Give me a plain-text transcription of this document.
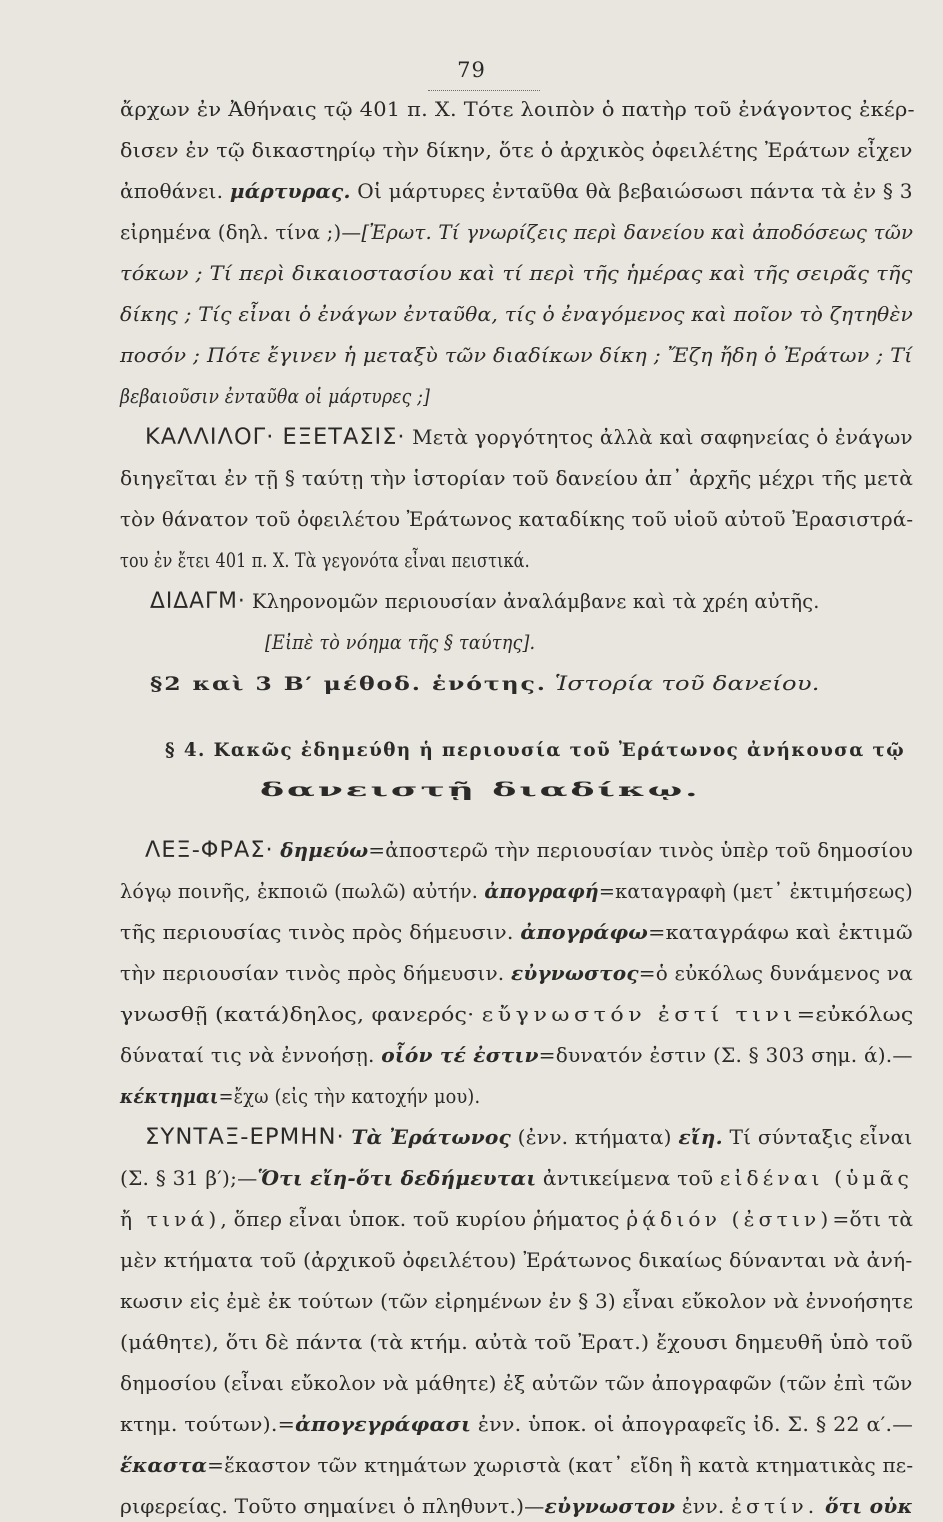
79
ἄρχων ἐν Ἀθήναις τῷ 401 π. Χ. Τότε λοιπὸν ὁ πατὴρ τοῦ ἐνάγοντος ἐκέρ-
δισεν ἐν τῷ δικαστηρίῳ τὴν δίκην, ὅτε ὁ ἀρχικὸς ὀφειλέτης Ἐράτων εἶχεν
ἀποθάνει. μάρτυρας. Οἱ μάρτυρες ἐνταῦθα θὰ βεβαιώσωσι πάντα τὰ ἐν § 3
εἰρημένα (δηλ. τίνα ;)—[Ἐρωτ. Τί γνωρίζεις περὶ δανείου καὶ ἀποδόσεως τῶν
τόκων ; Τί περὶ δικαιοστασίου καὶ τί περὶ τῆς ἡμέρας καὶ τῆς σειρᾶς τῆς
δίκης ; Τίς εἶναι ὁ ἐνάγων ἐνταῦθα, τίς ὁ ἐναγόμενος καὶ ποῖον τὸ ζητηθὲν
ποσόν ; Πότε ἔγινεν ἡ μεταξὺ τῶν διαδίκων δίκη ; Ἔζη ἤδη ὁ Ἐράτων ; Τί
βεβαιοῦσιν ἐνταῦθα οἱ μάρτυρες ;]
ΚΑΛΛΙΛΟΓ· ΕΞΕΤΑΣΙΣ· Μετὰ γοργότητος ἀλλὰ καὶ σαφηνείας ὁ ἐνάγων
διηγεῖται ἐν τῇ § ταύτῃ τὴν ἱστορίαν τοῦ δανείου ἀπ᾿ ἀρχῆς μέχρι τῆς μετὰ
τὸν θάνατον τοῦ ὀφειλέτου Ἐράτωνος καταδίκης τοῦ υἱοῦ αὐτοῦ Ἐρασιστρά-
του ἐν ἔτει 401 π. Χ. Τὰ γεγονότα εἶναι πειστικά.
ΔΙΔΑΓΜ· Κληρονομῶν περιουσίαν ἀναλάμβανε καὶ τὰ χρέη αὐτῆς.
[Εἰπὲ τὸ νόημα τῆς § ταύτης].
§2 καὶ 3 Β′ μέθοδ. ἑνότης. Ἱστορία τοῦ δανείου.
§ 4. Κακῶς ἐδημεύθη ἡ περιουσία τοῦ Ἐράτωνος ἀνήκουσα τῷ
δανειστῇ διαδίκῳ.
ΛΕΞ-ΦΡΑΣ· δημεύω=ἀποστερῶ τὴν περιουσίαν τινὸς ὑπὲρ τοῦ δημοσίου
λόγῳ ποινῆς, ἐκποιῶ (πωλῶ) αὐτήν. ἀπογραφή=καταγραφὴ (μετ᾿ ἐκτιμήσεως)
τῆς περιουσίας τινὸς πρὸς δήμευσιν. ἀπογράφω=καταγράφω καὶ ἐκτιμῶ
τὴν περιουσίαν τινὸς πρὸς δήμευσιν. εὐγνωστος=ὁ εὐκόλως δυνάμενος να
γνωσθῇ (κατά)δηλος, φανερός· εὔγνωστόν ἐστί τινι=εὐκόλως
δύναταί τις νὰ ἐννοήσῃ. οἷόν τέ ἐστιν=δυνατόν ἐστιν (Σ. § 303 σημ. ά).—
κέκτημαι=ἔχω (εἰς τὴν κατοχήν μου).
ΣΥΝΤΑΞ-ΕΡΜΗΝ· Τὰ Ἐράτωνος (ἐνν. κτήματα) εἴη. Τί σύνταξις εἶναι
(Σ. § 31 β′);—Ὅτι εἴη-ὅτι δεδήμευται ἀντικείμενα τοῦ εἰδέναι (ὑμᾶς
ἤ τινά), ὅπερ εἶναι ὑποκ. τοῦ κυρίου ῥήματος ῥᾴδιόν (ἐστιν)=ὅτι τὰ
μὲν κτήματα τοῦ (ἀρχικοῦ ὀφειλέτου) Ἐράτωνος δικαίως δύνανται νὰ ἀνή-
κωσιν εἰς ἐμὲ ἐκ τούτων (τῶν εἰρημένων ἐν § 3) εἶναι εὔκολον νὰ ἐννοήσητε
(μάθητε), ὅτι δὲ πάντα (τὰ κτήμ. αὐτὰ τοῦ Ἐρατ.) ἔχουσι δημευθῆ ὑπὸ τοῦ
δημοσίου (εἶναι εὔκολον νὰ μάθητε) ἐξ αὐτῶν τῶν ἀπογραφῶν (τῶν ἐπὶ τῶν
κτημ. τούτων).=ἀπογεγράφασι ἐνν. ὑποκ. οἱ ἀπογραφεῖς ἰδ. Σ. § 22 α′.—
ἕκαστα=ἕκαστον τῶν κτημάτων χωριστὰ (κατ᾿ εἴδη ἢ κατὰ κτηματικὰς πε-
ριφερείας. Τοῦτο σημαίνει ὁ πληθυντ.)—εὐγνωστον ἐνν. ἐστίν. ὅτι οὐκ
